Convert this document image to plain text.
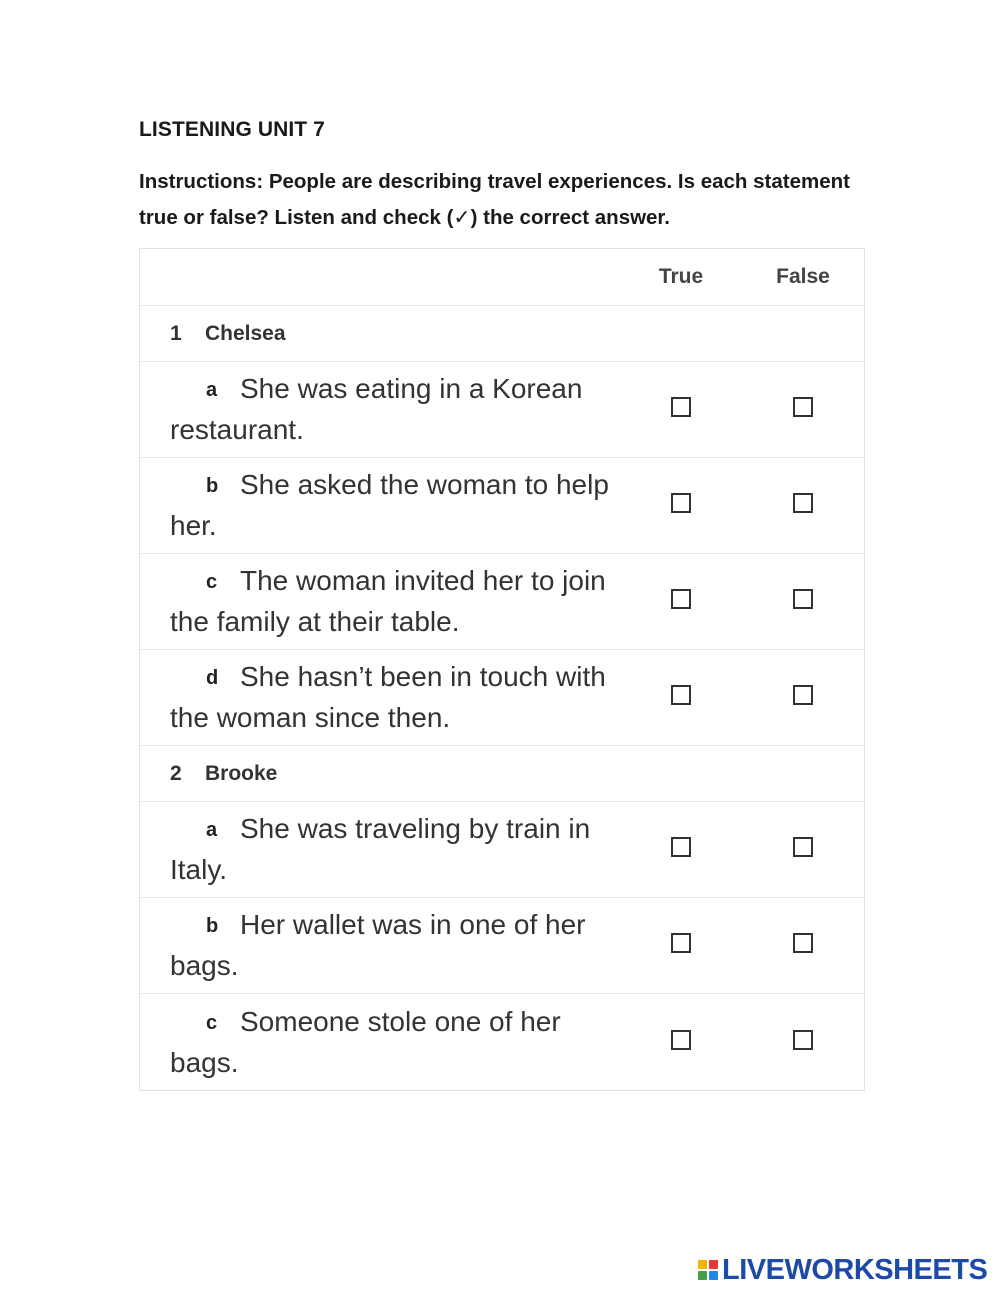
LISTENING UNIT 7
Instructions: People are describing travel experiences. Is each statement true or false? Listen and check (✓) the correct answer.
True	False
1 Chelsea
a She was eating in a Korean restaurant.
b She asked the woman to help her.
c The woman invited her to join the family at their table.
d She hasn’t been in touch with the woman since then.
2 Brooke
a She was traveling by train in Italy.
b Her wallet was in one of her bags.
c Someone stole one of her bags.
LIVEWORKSHEETS
